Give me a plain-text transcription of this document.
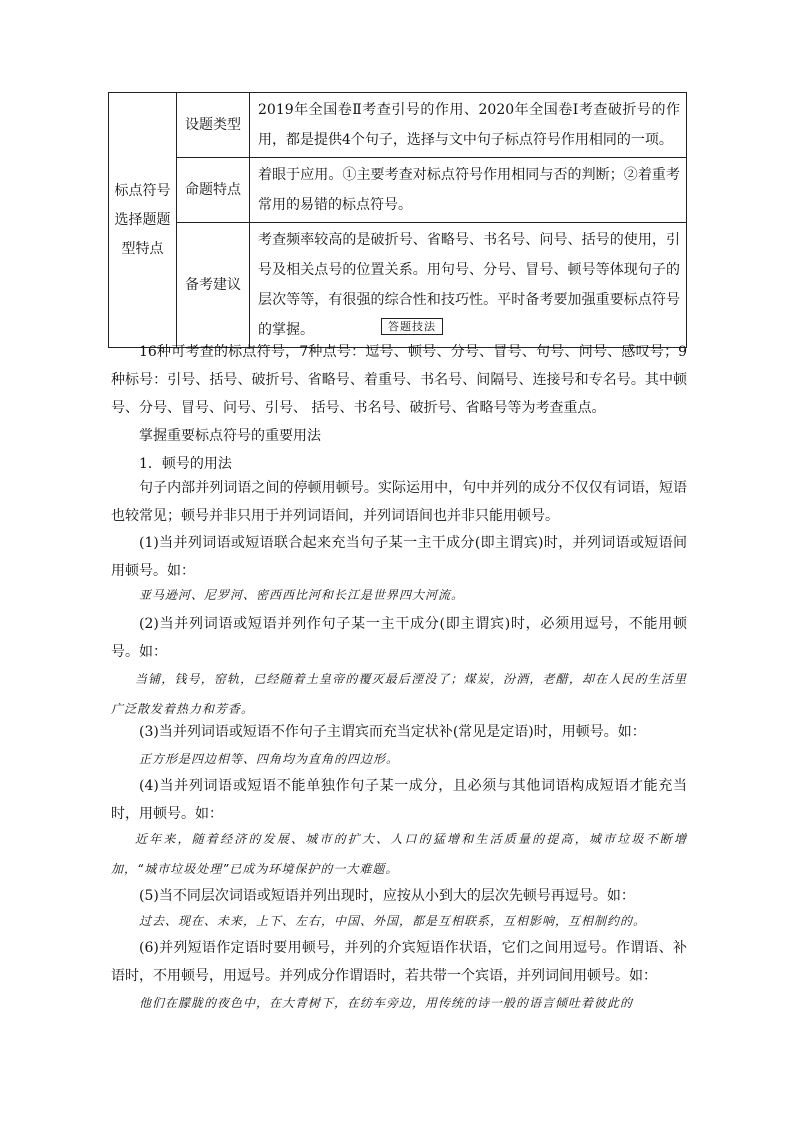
标点符号选择题题型特点	设题类型	2019年全国卷Ⅱ考查引号的作用、2020年全国卷Ⅰ考查破折号的作用，都是提供4个句子，选择与文中句子标点符号作用相同的一项。
	命题特点	着眼于应用。①主要考查对标点符号作用相同与否的判断；②着重考常用的易错的标点符号。
	备考建议	考查频率较高的是破折号、省略号、书名号、问号、括号的使用，引号及相关点号的位置关系。用句号、分号、冒号、顿号等体现句子的层次等等，有很强的综合性和技巧性。平时备考要加强重要标点符号的掌握。	答题技法

16种可考查的标点符号，7种点号：逗号、顿号、分号、冒号、句号、问号、感叹号；9种标号：引号、括号、破折号、省略号、着重号、书名号、间隔号、连接号和专名号。其中顿号、分号、冒号、问号、引号、 括号、书名号、破折号、省略号等为考查重点。

掌握重要标点符号的重要用法

1．顿号的用法

句子内部并列词语之间的停顿用顿号。实际运用中，句中并列的成分不仅仅有词语，短语也较常见；顿号并非只用于并列词语间，并列词语间也并非只能用顿号。

(1)当并列词语或短语联合起来充当句子某一主干成分(即主谓宾)时，并列词语或短语间用顿号。如：

亚马逊河、尼罗河、密西西比河和长江是世界四大河流。

(2)当并列词语或短语并列作句子某一主干成分(即主谓宾)时，必须用逗号，不能用顿号。如：

当铺，钱号，窑轨，已经随着土皇帝的覆灭最后湮没了；煤炭，汾酒，老醋，却在人民的生活里广泛散发着热力和芳香。

(3)当并列词语或短语不作句子主谓宾而充当定状补(常见是定语)时，用顿号。如：

正方形是四边相等、四角均为直角的四边形。

(4)当并列词语或短语不能单独作句子某一成分，且必须与其他词语构成短语才能充当时，用顿号。如：

近年来，随着经济的发展、城市的扩大、人口的猛增和生活质量的提高，城市垃圾不断增加，“城市垃圾处理”已成为环境保护的一大难题。

(5)当不同层次词语或短语并列出现时，应按从小到大的层次先顿号再逗号。如：

过去、现在、未来，上下、左右，中国、外国，都是互相联系，互相影响，互相制约的。

(6)并列短语作定语时要用顿号，并列的介宾短语作状语，它们之间用逗号。作谓语、补语时，不用顿号，用逗号。并列成分作谓语时，若共带一个宾语，并列词间用顿号。如：

他们在朦胧的夜色中，在大青树下，在纺车旁边，用传统的诗一般的语言倾吐着彼此的
